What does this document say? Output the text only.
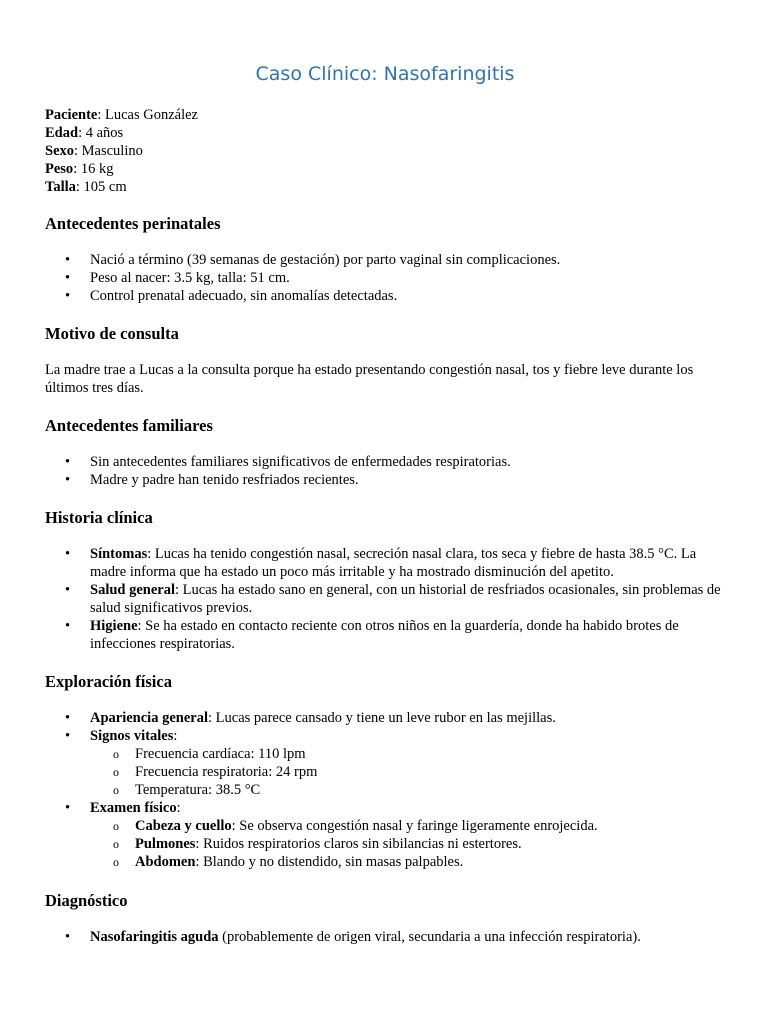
Caso Clínico: Nasofaringitis
Paciente: Lucas González
Edad: 4 años
Sexo: Masculino
Peso: 16 kg
Talla: 105 cm
Antecedentes perinatales
• Nació a término (39 semanas de gestación) por parto vaginal sin complicaciones.
• Peso al nacer: 3.5 kg, talla: 51 cm.
• Control prenatal adecuado, sin anomalías detectadas.
Motivo de consulta

La madre trae a Lucas a la consulta porque ha estado presentando congestión nasal, tos y fiebre leve durante los últimos tres días.

Antecedentes familiares
• Sin antecedentes familiares significativos de enfermedades respiratorias.
• Madre y padre han tenido resfriados recientes.
Historia clínica
• Síntomas: Lucas ha tenido congestión nasal, secreción nasal clara, tos seca y fiebre de hasta 38.5 °C. La madre informa que ha estado un poco más irritable y ha mostrado disminución del apetito.
• Salud general: Lucas ha estado sano en general, con un historial de resfriados ocasionales, sin problemas de salud significativos previos.
• Higiene: Se ha estado en contacto reciente con otros niños en la guardería, donde ha habido brotes de infecciones respiratorias.
Exploración física
• Apariencia general: Lucas parece cansado y tiene un leve rubor en las mejillas.
• Signos vitales:
o Frecuencia cardíaca: 110 lpm
o Frecuencia respiratoria: 24 rpm
o Temperatura: 38.5 °C
• Examen físico:
o Cabeza y cuello: Se observa congestión nasal y faringe ligeramente enrojecida.
o Pulmones: Ruidos respiratorios claros sin sibilancias ni estertores.
o Abdomen: Blando y no distendido, sin masas palpables.
Diagnóstico
• Nasofaringitis aguda (probablemente de origen viral, secundaria a una infección respiratoria).
